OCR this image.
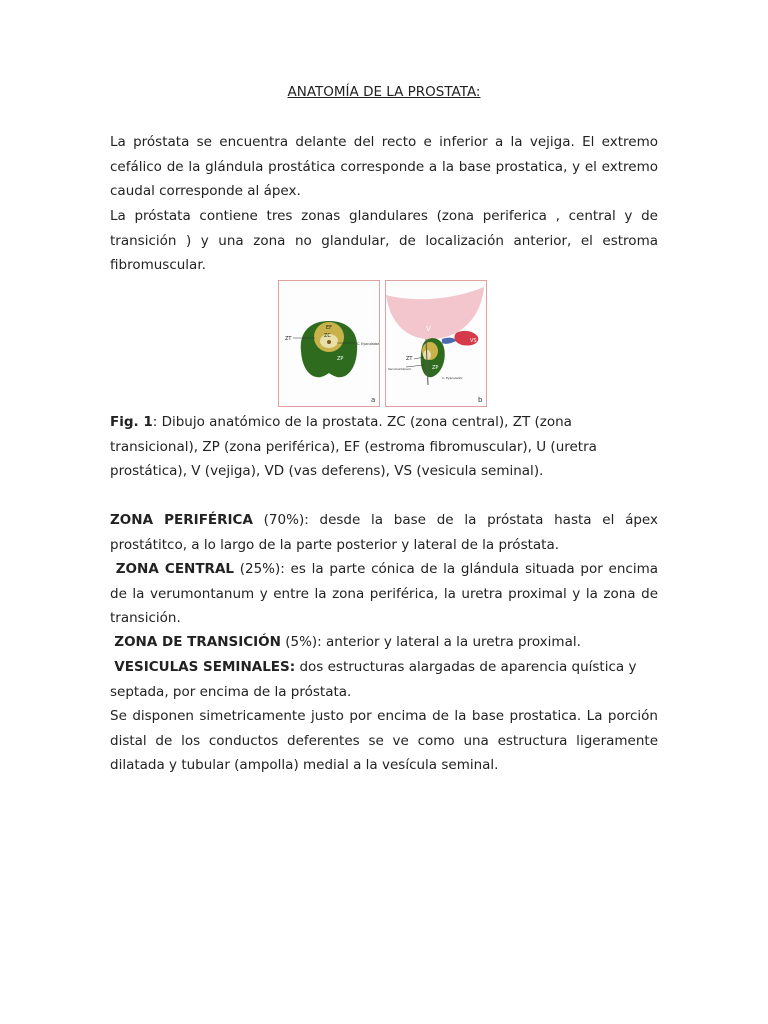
ANATOMÍA DE LA PROSTATA:

La próstata se encuentra delante del recto e inferior a la vejiga. El extremo cefálico de la glándula prostática corresponde a la base prostatica, y el extremo caudal corresponde al ápex.

La próstata contiene tres zonas glandulares (zona periferica , central y de transición ) y una zona no glandular, de localización anterior, el estroma fibromuscular.

EF
ZC
ZT
C. Eyaculador
ZP
a
V
VS
ZT
Verumontanum	ZP
C. Eyaculador
b

Fig. 1: Dibujo anatómico de la prostata. ZC (zona central), ZT (zona transicional), ZP (zona periférica), EF (estroma fibromuscular), U (uretra prostática), V (vejiga), VD (vas deferens), VS (vesicula seminal).

ZONA PERIFÉRICA (70%): desde la base de la próstata hasta el ápex prostátitco, a lo largo de la parte posterior y lateral de la próstata.

ZONA CENTRAL (25%): es la parte cónica de la glándula situada por encima de la verumontanum y entre la zona periférica, la uretra proximal y la zona de transición.

ZONA DE TRANSICIÓN (5%): anterior y lateral a la uretra proximal.

VESICULAS SEMINALES: dos estructuras alargadas de aparencia quística y septada, por encima de la próstata.

Se disponen simetricamente justo por encima de la base prostatica. La porción distal de los conductos deferentes se ve como una estructura ligeramente dilatada y tubular (ampolla) medial a la vesícula seminal.
